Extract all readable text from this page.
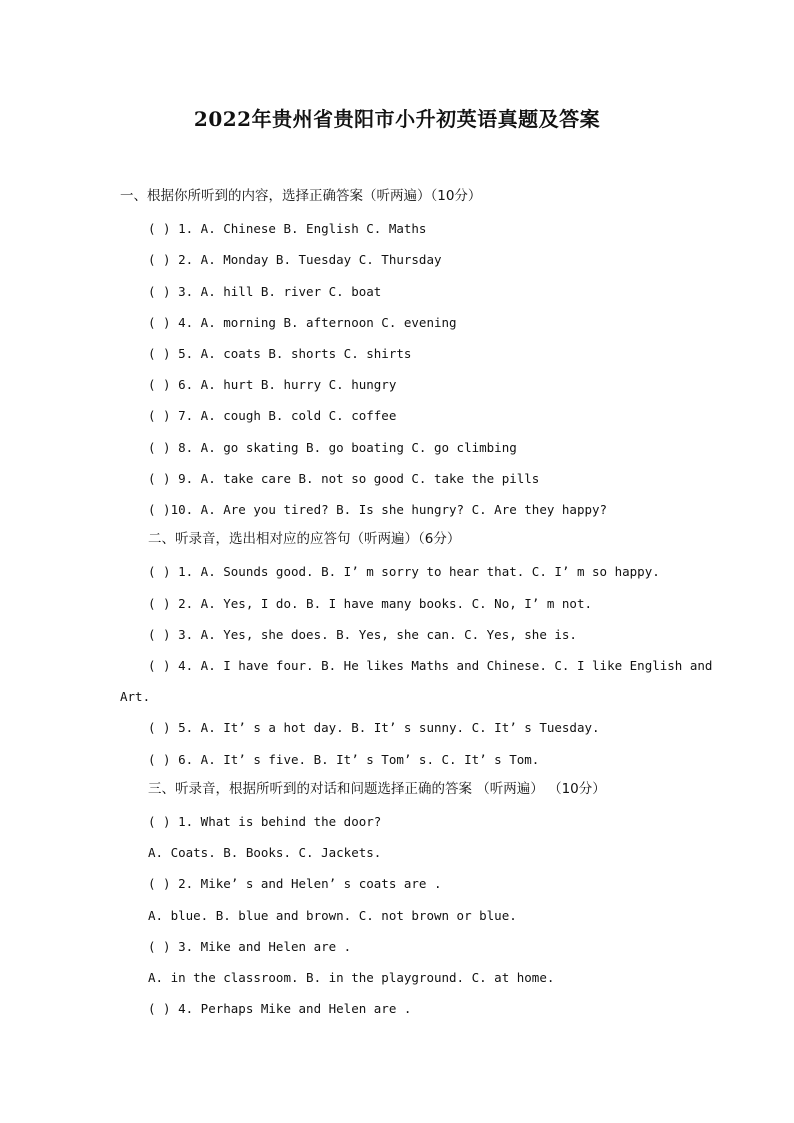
2022年贵州省贵阳市小升初英语真题及答案
一、根据你所听到的内容，选择正确答案（听两遍）（10分）
( ) 1. A. Chinese B. English C. Maths
( ) 2. A. Monday B. Tuesday C. Thursday
( ) 3. A. hill B. river C. boat
( ) 4. A. morning B. afternoon C. evening
( ) 5. A. coats B. shorts C. shirts
( ) 6. A. hurt B. hurry C. hungry
( ) 7. A. cough B. cold C. coffee
( ) 8. A. go skating B. go boating C. go climbing
( ) 9. A. take care B. not so good C. take the pills
( )10. A. Are you tired? B. Is she hungry? C. Are they happy?
二、听录音，选出相对应的应答句（听两遍）（6分）
( ) 1. A. Sounds good. B. I’ m sorry to hear that. C. I’ m so happy.
( ) 2. A. Yes, I do. B. I have many books. C. No, I’ m not.
( ) 3. A. Yes, she does. B. Yes, she can. C. Yes, she is.
( ) 4. A. I have four. B. He likes Maths and Chinese. C. I like English and
Art.
( ) 5. A. It’ s a hot day. B. It’ s sunny. C. It’ s Tuesday.
( ) 6. A. It’ s five. B. It’ s Tom’ s. C. It’ s Tom.
三、听录音，根据所听到的对话和问题选择正确的答案 （听两遍） （10分）
( ) 1. What is behind the door?
A. Coats. B. Books. C. Jackets.
( ) 2. Mike’ s and Helen’ s coats are .
A. blue. B. blue and brown. C. not brown or blue.
( ) 3. Mike and Helen are .
A. in the classroom. B. in the playground. C. at home.
( ) 4. Perhaps Mike and Helen are .
